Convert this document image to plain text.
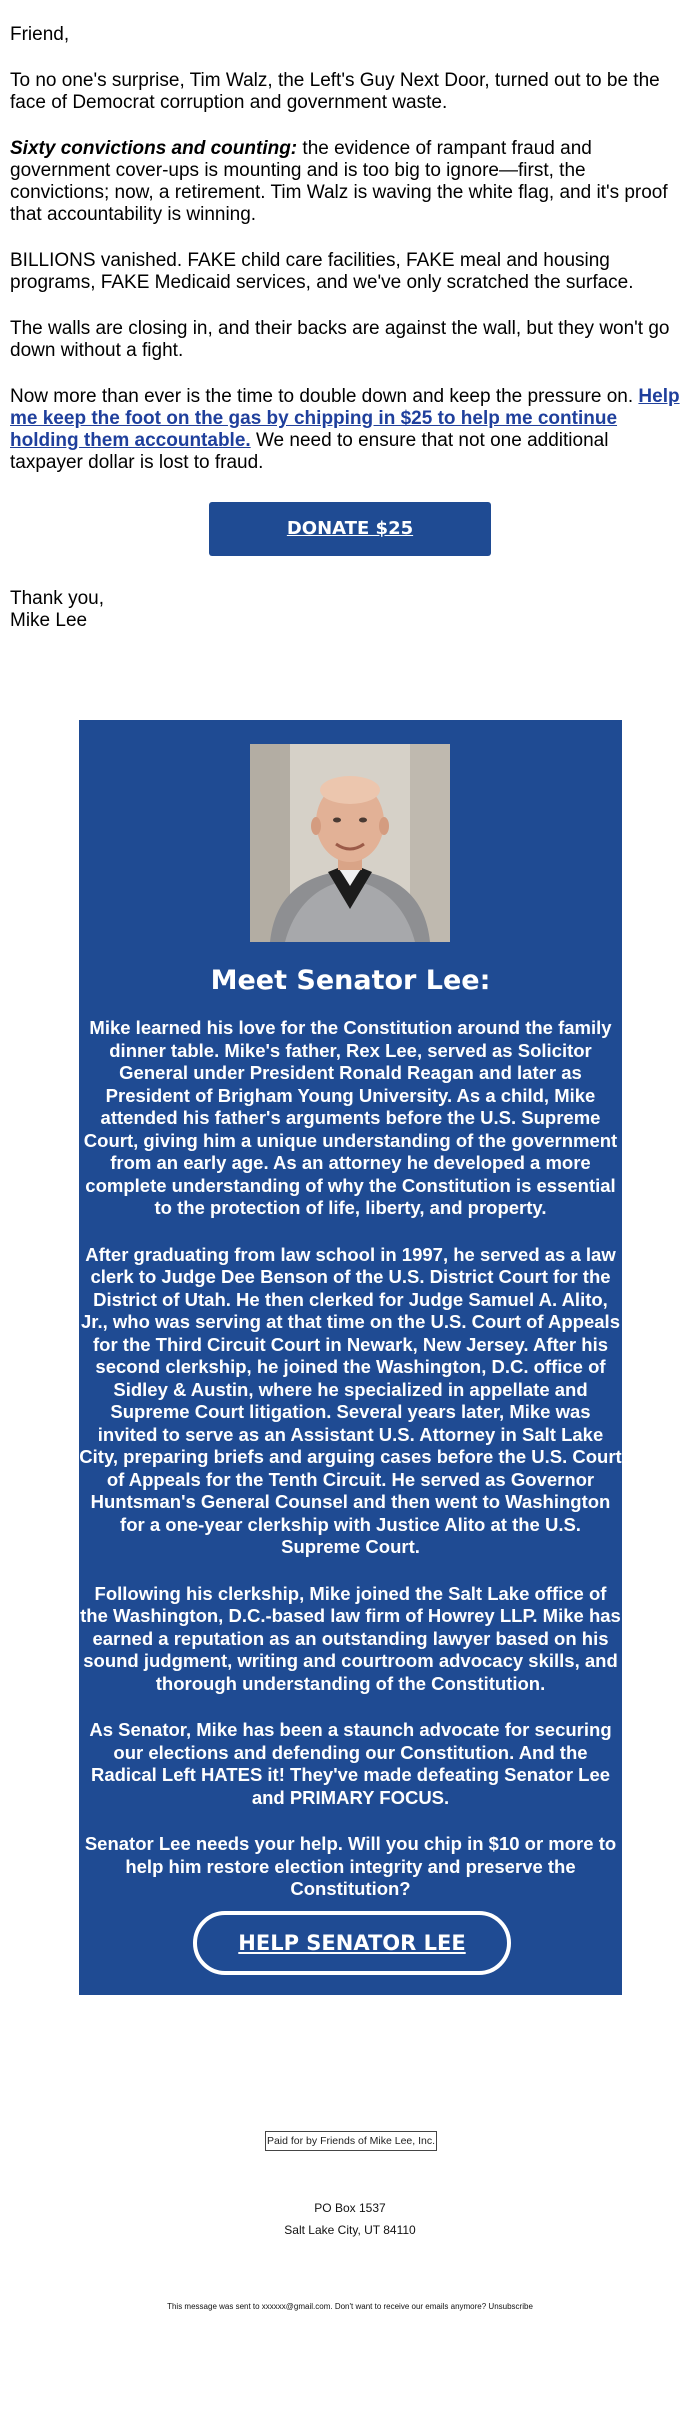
Friend,

To no one's surprise, Tim Walz, the Left's Guy Next Door, turned out to be the face of Democrat corruption and government waste.

Sixty convictions and counting: the evidence of rampant fraud and government cover-ups is mounting and is too big to ignore—first, the convictions; now, a retirement. Tim Walz is waving the white flag, and it's proof that accountability is winning.

BILLIONS vanished. FAKE child care facilities, FAKE meal and housing programs, FAKE Medicaid services, and we've only scratched the surface.

The walls are closing in, and their backs are against the wall, but they won't go down without a fight.

Now more than ever is the time to double down and keep the pressure on. Help me keep the foot on the gas by chipping in $25 to help me continue holding them accountable. We need to ensure that not one additional taxpayer dollar is lost to fraud.

DONATE $25
Thank you,
Mike Lee
Meet Senator Lee:

Mike learned his love for the Constitution around the family dinner table. Mike's father, Rex Lee, served as Solicitor General under President Ronald Reagan and later as President of Brigham Young University. As a child, Mike attended his father's arguments before the U.S. Supreme Court, giving him a unique understanding of the government from an early age. As an attorney he developed a more complete understanding of why the Constitution is essential to the protection of life, liberty, and property.

After graduating from law school in 1997, he served as a law clerk to Judge Dee Benson of the U.S. District Court for the District of Utah. He then clerked for Judge Samuel A. Alito, Jr., who was serving at that time on the U.S. Court of Appeals for the Third Circuit Court in Newark, New Jersey. After his second clerkship, he joined the Washington, D.C. office of Sidley & Austin, where he specialized in appellate and Supreme Court litigation. Several years later, Mike was invited to serve as an Assistant U.S. Attorney in Salt Lake City, preparing briefs and arguing cases before the U.S. Court of Appeals for the Tenth Circuit. He served as Governor Huntsman's General Counsel and then went to Washington for a one-year clerkship with Justice Alito at the U.S. Supreme Court.

Following his clerkship, Mike joined the Salt Lake office of the Washington, D.C.-based law firm of Howrey LLP. Mike has earned a reputation as an outstanding lawyer based on his sound judgment, writing and courtroom advocacy skills, and thorough understanding of the Constitution.

As Senator, Mike has been a staunch advocate for securing our elections and defending our Constitution. And the Radical Left HATES it! They've made defeating Senator Lee and PRIMARY FOCUS.

Senator Lee needs your help. Will you chip in $10 or more to help him restore election integrity and preserve the Constitution?

HELP SENATOR LEE
Paid for by Friends of Mike Lee, Inc.
PO Box 1537
Salt Lake City, UT 84110
This message was sent to xxxxxx@gmail.com. Don't want to receive our emails anymore? Unsubscribe
